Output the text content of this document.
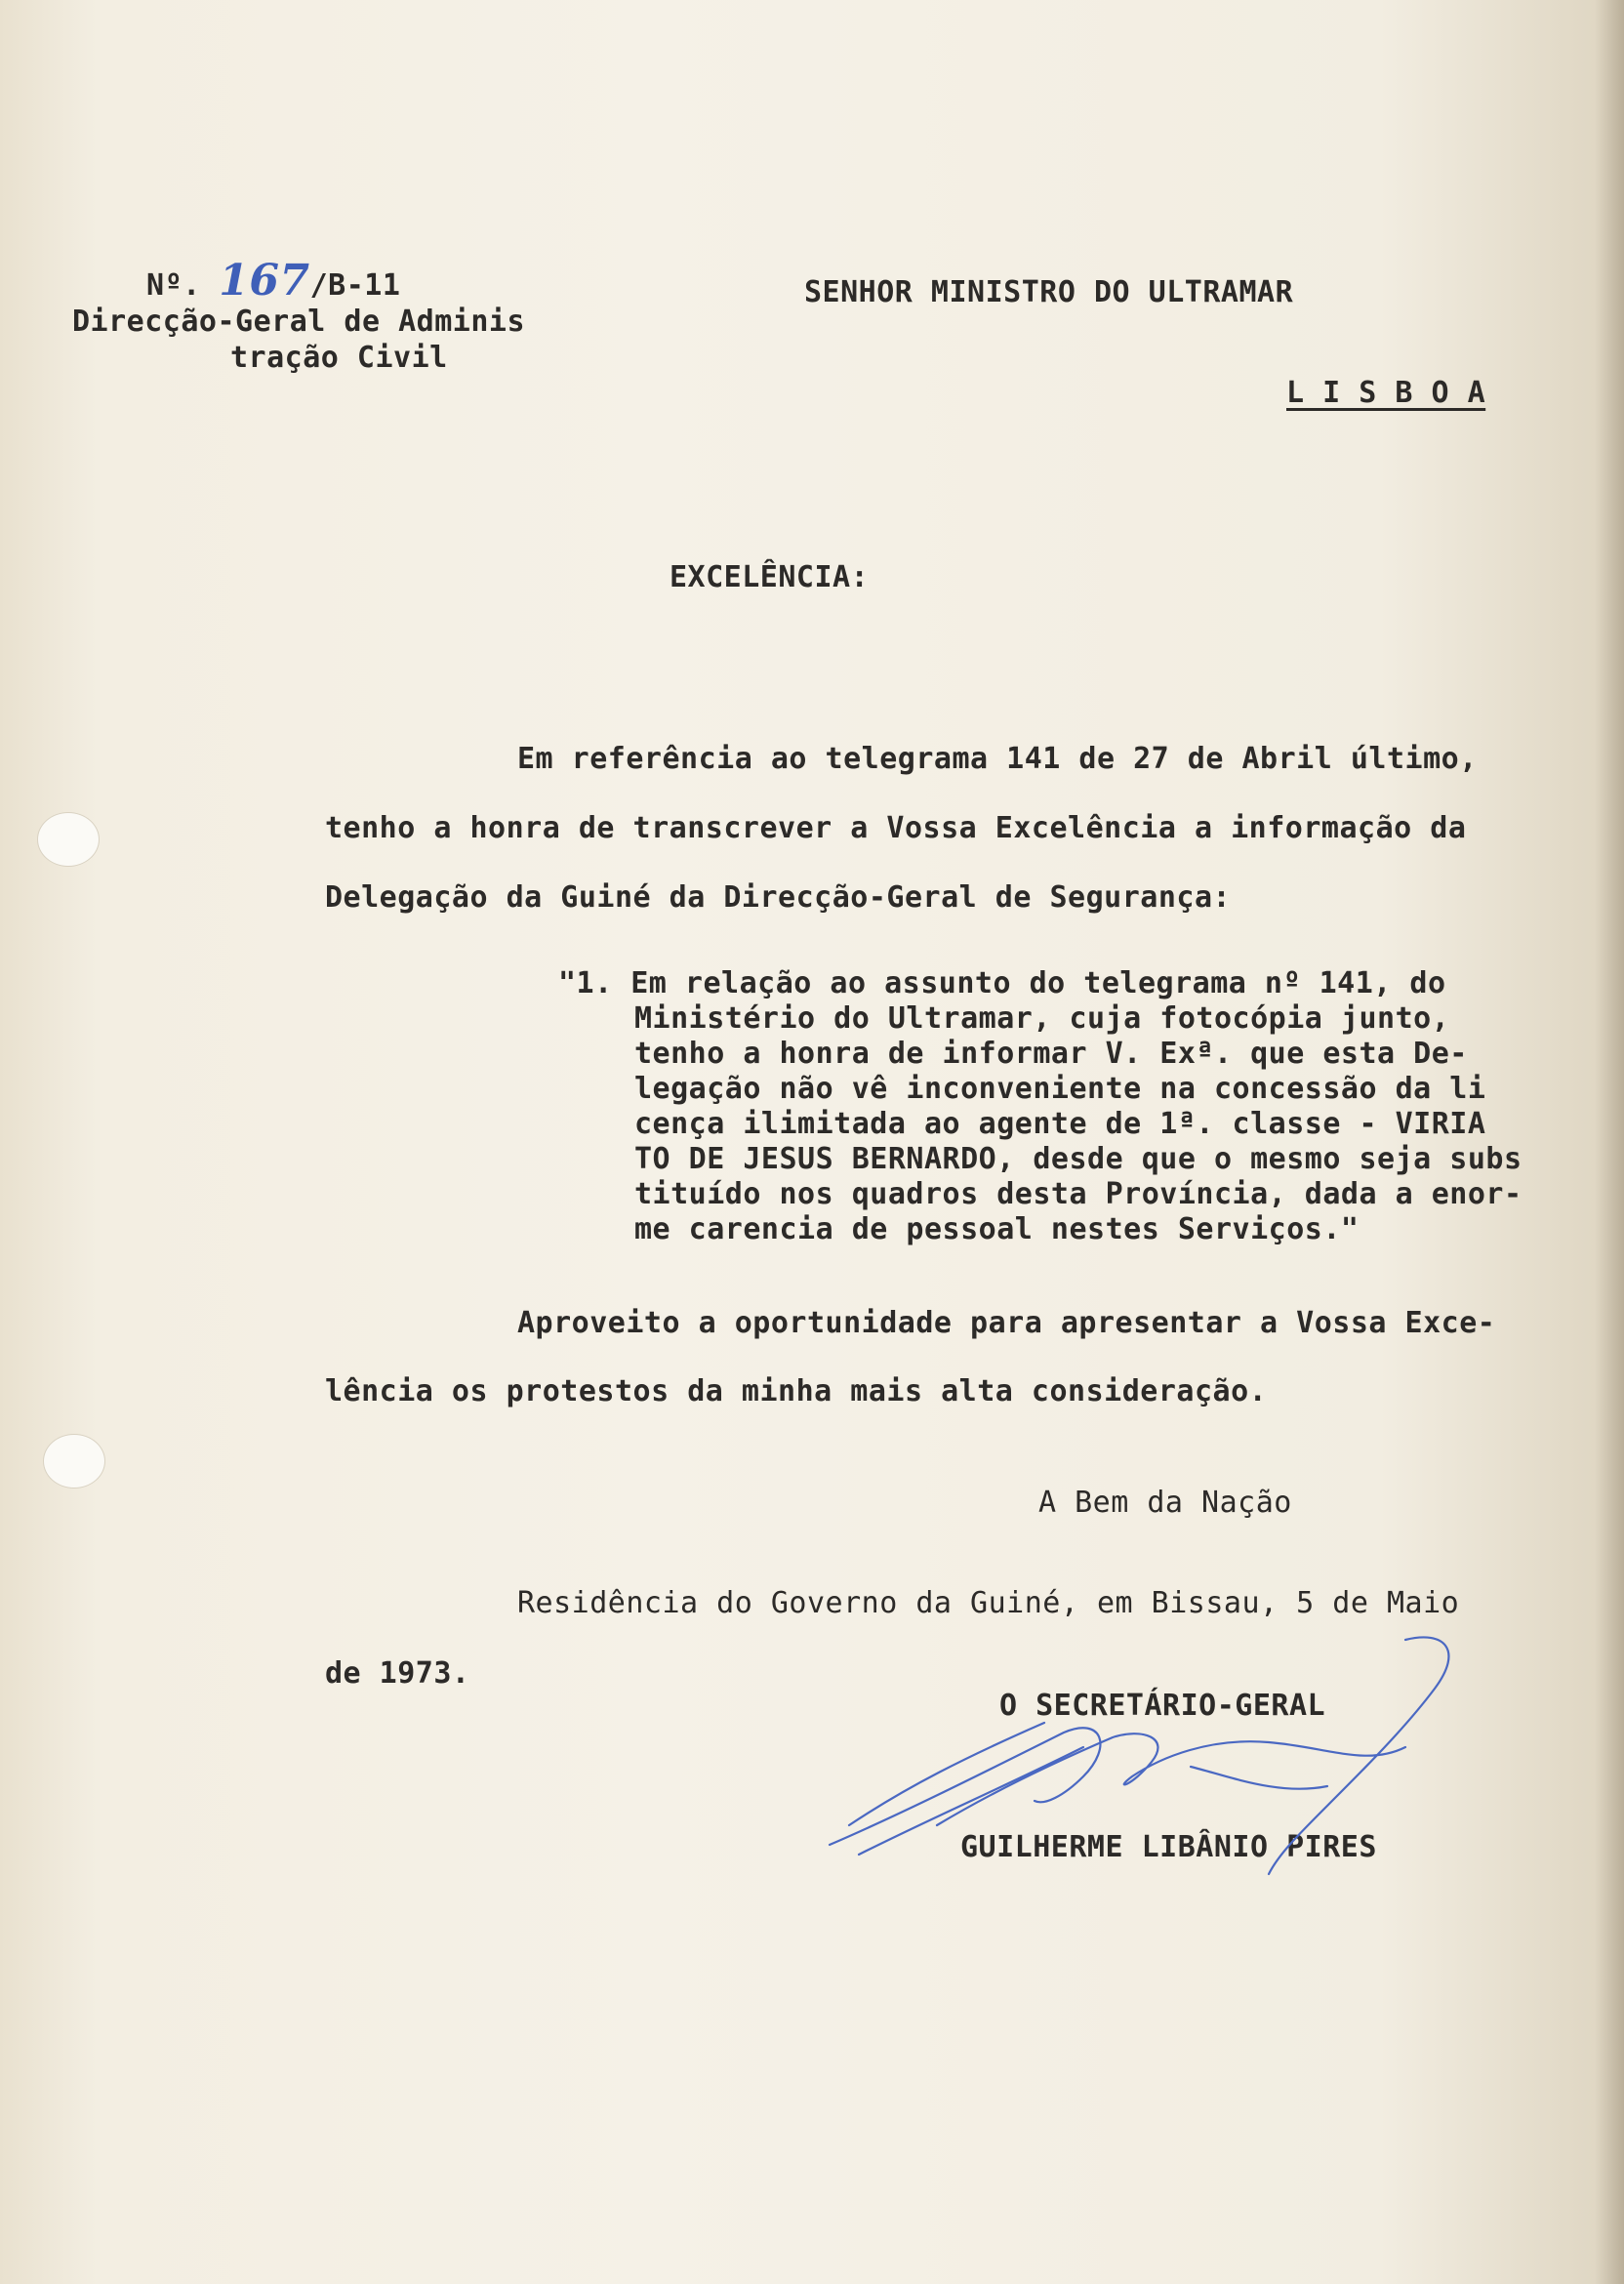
Nº. 167/B-11
Direcção-Geral de Adminis
tração Civil
SENHOR MINISTRO DO ULTRAMAR
L I S B O A
EXCELÊNCIA:
Em referência ao telegrama 141 de 27 de Abril último,
tenho a honra de transcrever a Vossa Excelência a informação da
Delegação da Guiné da Direcção-Geral de Segurança:
"1. Em relação ao assunto do telegrama nº 141, do
Ministério do Ultramar, cuja fotocópia junto,
tenho a honra de informar V. Exª. que esta De-
legação não vê inconveniente na concessão da li
cença ilimitada ao agente de 1ª. classe - VIRIA
TO DE JESUS BERNARDO, desde que o mesmo seja subs
tituído nos quadros desta Província, dada a enor-
me carencia de pessoal nestes Serviços."
Aproveito a oportunidade para apresentar a Vossa Exce-
lência os protestos da minha mais alta consideração.
A Bem da Nação
Residência do Governo da Guiné, em Bissau, 5 de Maio
de 1973.
O SECRETÁRIO-GERAL
GUILHERME LIBÂNIO PIRES
